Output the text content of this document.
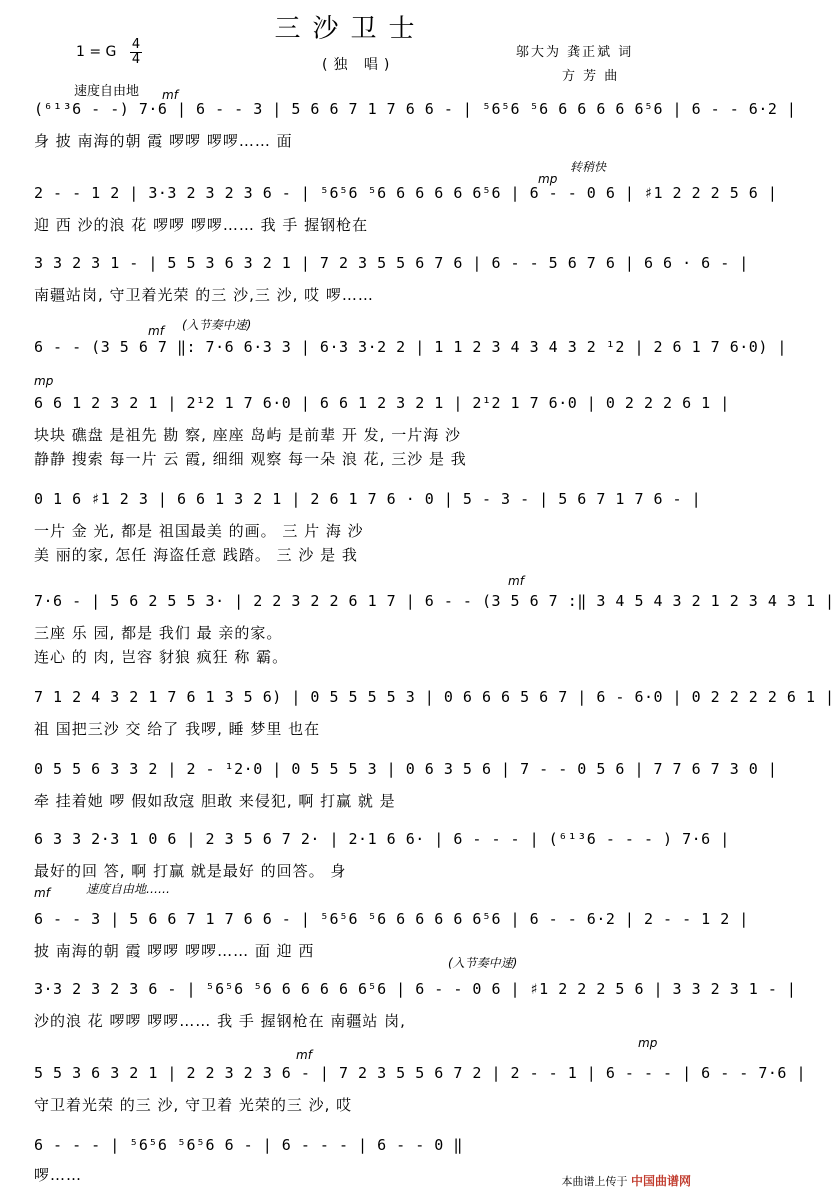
三沙卫士
1 = G 4
4
速度自由地
(独 唱)
邬大为 龚正斌 词
方 芳 曲
(⁶¹³6 - -) 7·6 | 6 - - 3 | 5 6 6 7 1 7 6 6 - | ⁵6⁵6 ⁵6 6 6 6 6 6⁵6 | 6 - - 6·2 |
mf
身 披 南海的朝 霞 啰啰 啰啰…… 面
2 - - 1 2 | 3·3 2 3 2 3 6 - | ⁵6⁵6 ⁵6 6 6 6 6 6⁵6 | 6 - - 0 6 | ♯1 2 2 2 5 6 |
转稍快
mp
迎 西 沙的浪 花 啰啰 啰啰…… 我 手 握钢枪在
3 3 2 3 1 - | 5 5 3 6 3 2 1 | 7 2 3 5 5 6 7 6 | 6 - - 5 6 7 6 | 6 6 · 6 - |
南疆站岗, 守卫着光荣 的三 沙,三 沙, 哎 啰……
6 - - (3 5 6 7 ‖: 7·6 6·3 3 | 6·3 3·2 2 | 1 1 2 3 4 3 4 3 2 ¹2 | 2 6 1 7 6·0) |
mf (入节奏中速)
6 6 1 2 3 2 1 | 2¹2 1 7 6·0 | 6 6 1 2 3 2 1 | 2¹2 1 7 6·0 | 0 2 2 2 6 1 |
mp
块块 礁盘 是祖先 勘 察, 座座 岛屿 是前辈 开 发, 一片海 沙
静静 搜索 每一片 云 霞, 细细 观察 每一朵 浪 花, 三沙 是 我
0 1 6 ♯1 2 3 | 6 6 1 3 2 1 | 2 6 1 7 6 · 0 | 5 - 3 - | 5 6 7 1 7 6 - |
一片 金 光, 都是 祖国最美 的画。 三 片 海 沙
美 丽的家, 怎任 海盗任意 践踏。 三 沙 是 我
7·6 - | 5 6 2 5 5 3· | 2 2 3 2 2 6 1 7 | 6 - - (3 5 6 7 :‖ 3 4 5 4 3 2 1 2 3 4 3 1 |
mf
三座 乐 园, 都是 我们 最 亲的家。
连心 的 肉, 岂容 豺狼 疯狂 称 霸。
7 1 2 4 3 2 1 7 6 1 3 5 6) | 0 5 5 5 5 3 | 0 6 6 6 5 6 7 | 6 - 6·0 | 0 2 2 2 2 6 1 |
祖 国把三沙 交 给了 我啰, 睡 梦里 也在
0 5 5 6 3 3 2 | 2 - ¹2·0 | 0 5 5 5 3 | 0 6 3 5 6 | 7 - - 0 5 6 | 7 7 6 7 3 0 |
牵 挂着她 啰 假如敌寇 胆敢 来侵犯, 啊 打赢 就 是
6 3 3 2·3 1 0 6 | 2 3 5 6 7 2· | 2·1 6 6· | 6 - - - | (⁶¹³6 - - - ) 7·6 |
最好的回 答, 啊 打赢 就是最好 的回答。 身
6 - - 3 | 5 6 6 7 1 7 6 6 - | ⁵6⁵6 ⁵6 6 6 6 6 6⁵6 | 6 - - 6·2 | 2 - - 1 2 |
mf	速度自由地……
披 南海的朝 霞 啰啰 啰啰…… 面 迎 西
3·3 2 3 2 3 6 - | ⁵6⁵6 ⁵6 6 6 6 6 6⁵6 | 6 - - 0 6 | ♯1 2 2 2 5 6 | 3 3 2 3 1 - |
(入节奏中速)
沙的浪 花 啰啰 啰啰…… 我 手 握钢枪在 南疆站 岗,
5 5 3 6 3 2 1 | 2 2 3 2 3 6 - | 7 2 3 5 5 6 7 2 | 2 - - 1 | 6 - - - | 6 - - 7·6 |
mf
mp
守卫着光荣 的三 沙, 守卫着 光荣的三 沙, 哎
6 - - - | ⁵6⁵6 ⁵6⁵6 6 - | 6 - - - | 6 - - 0 ‖
啰……	本曲谱上传于 中国曲谱网
